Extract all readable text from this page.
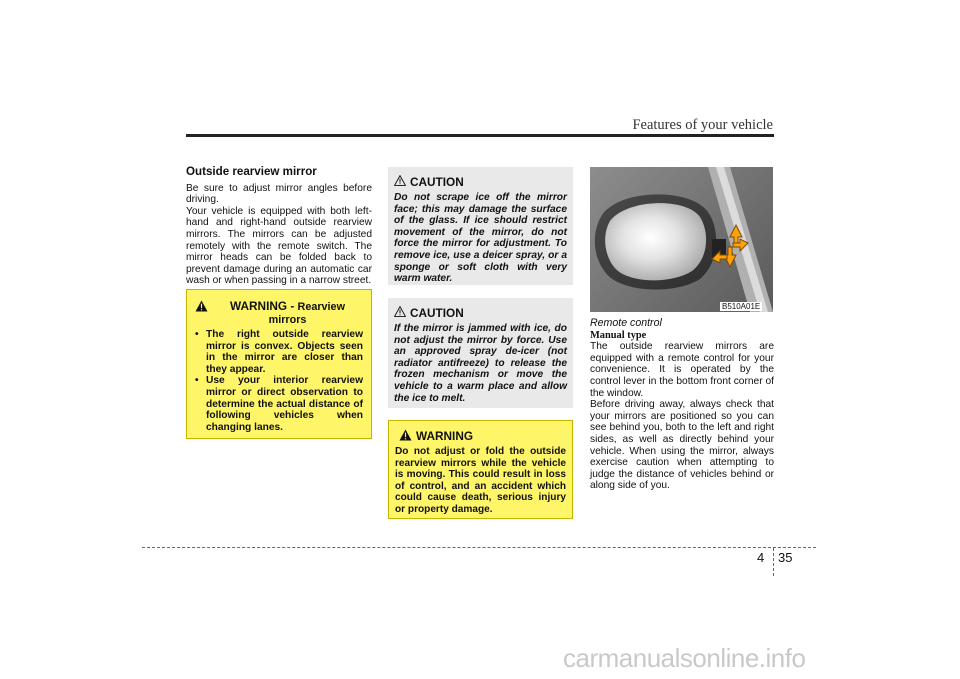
Features of your vehicle

Outside rearview mirror

Be sure to adjust mirror angles before driving.

Your vehicle is equipped with both left-hand and right-hand outside rearview mirrors. The mirrors can be adjusted remotely with the remote switch. The mirror heads can be folded back to prevent damage during an automatic car wash or when passing in a narrow street.

WARNING - Rearview mirrors
• The right outside rearview mirror is convex. Objects seen in the mirror are closer than they appear.
• Use your interior rearview mirror or direct observation to determine the actual distance of following vehicles when changing lanes.
CAUTION
Do not scrape ice off the mirror face; this may damage the surface of the glass. If ice should restrict movement of the mirror, do not force the mirror for adjustment. To remove ice, use a deicer spray, or a sponge or soft cloth with very warm water.
CAUTION
If the mirror is jammed with ice, do not adjust the mirror by force. Use an approved spray de-icer (not radiator antifreeze) to release the frozen mechanism or move the vehicle to a warm place and allow the ice to melt.
WARNING
Do not adjust or fold the outside rearview mirrors while the vehicle is moving. This could result in loss of control, and an accident which could cause death, serious injury or property damage.
B510A01E

Remote control

Manual type

The outside rearview mirrors are equipped with a remote control for your convenience. It is operated by the control lever in the bottom front corner of the window.

Before driving away, always check that your mirrors are positioned so you can see behind you, both to the left and right sides, as well as directly behind your vehicle. When using the mirror, always exercise caution when attempting to judge the distance of vehicles behind or along side of you.

4 35
carmanualsonline.info
